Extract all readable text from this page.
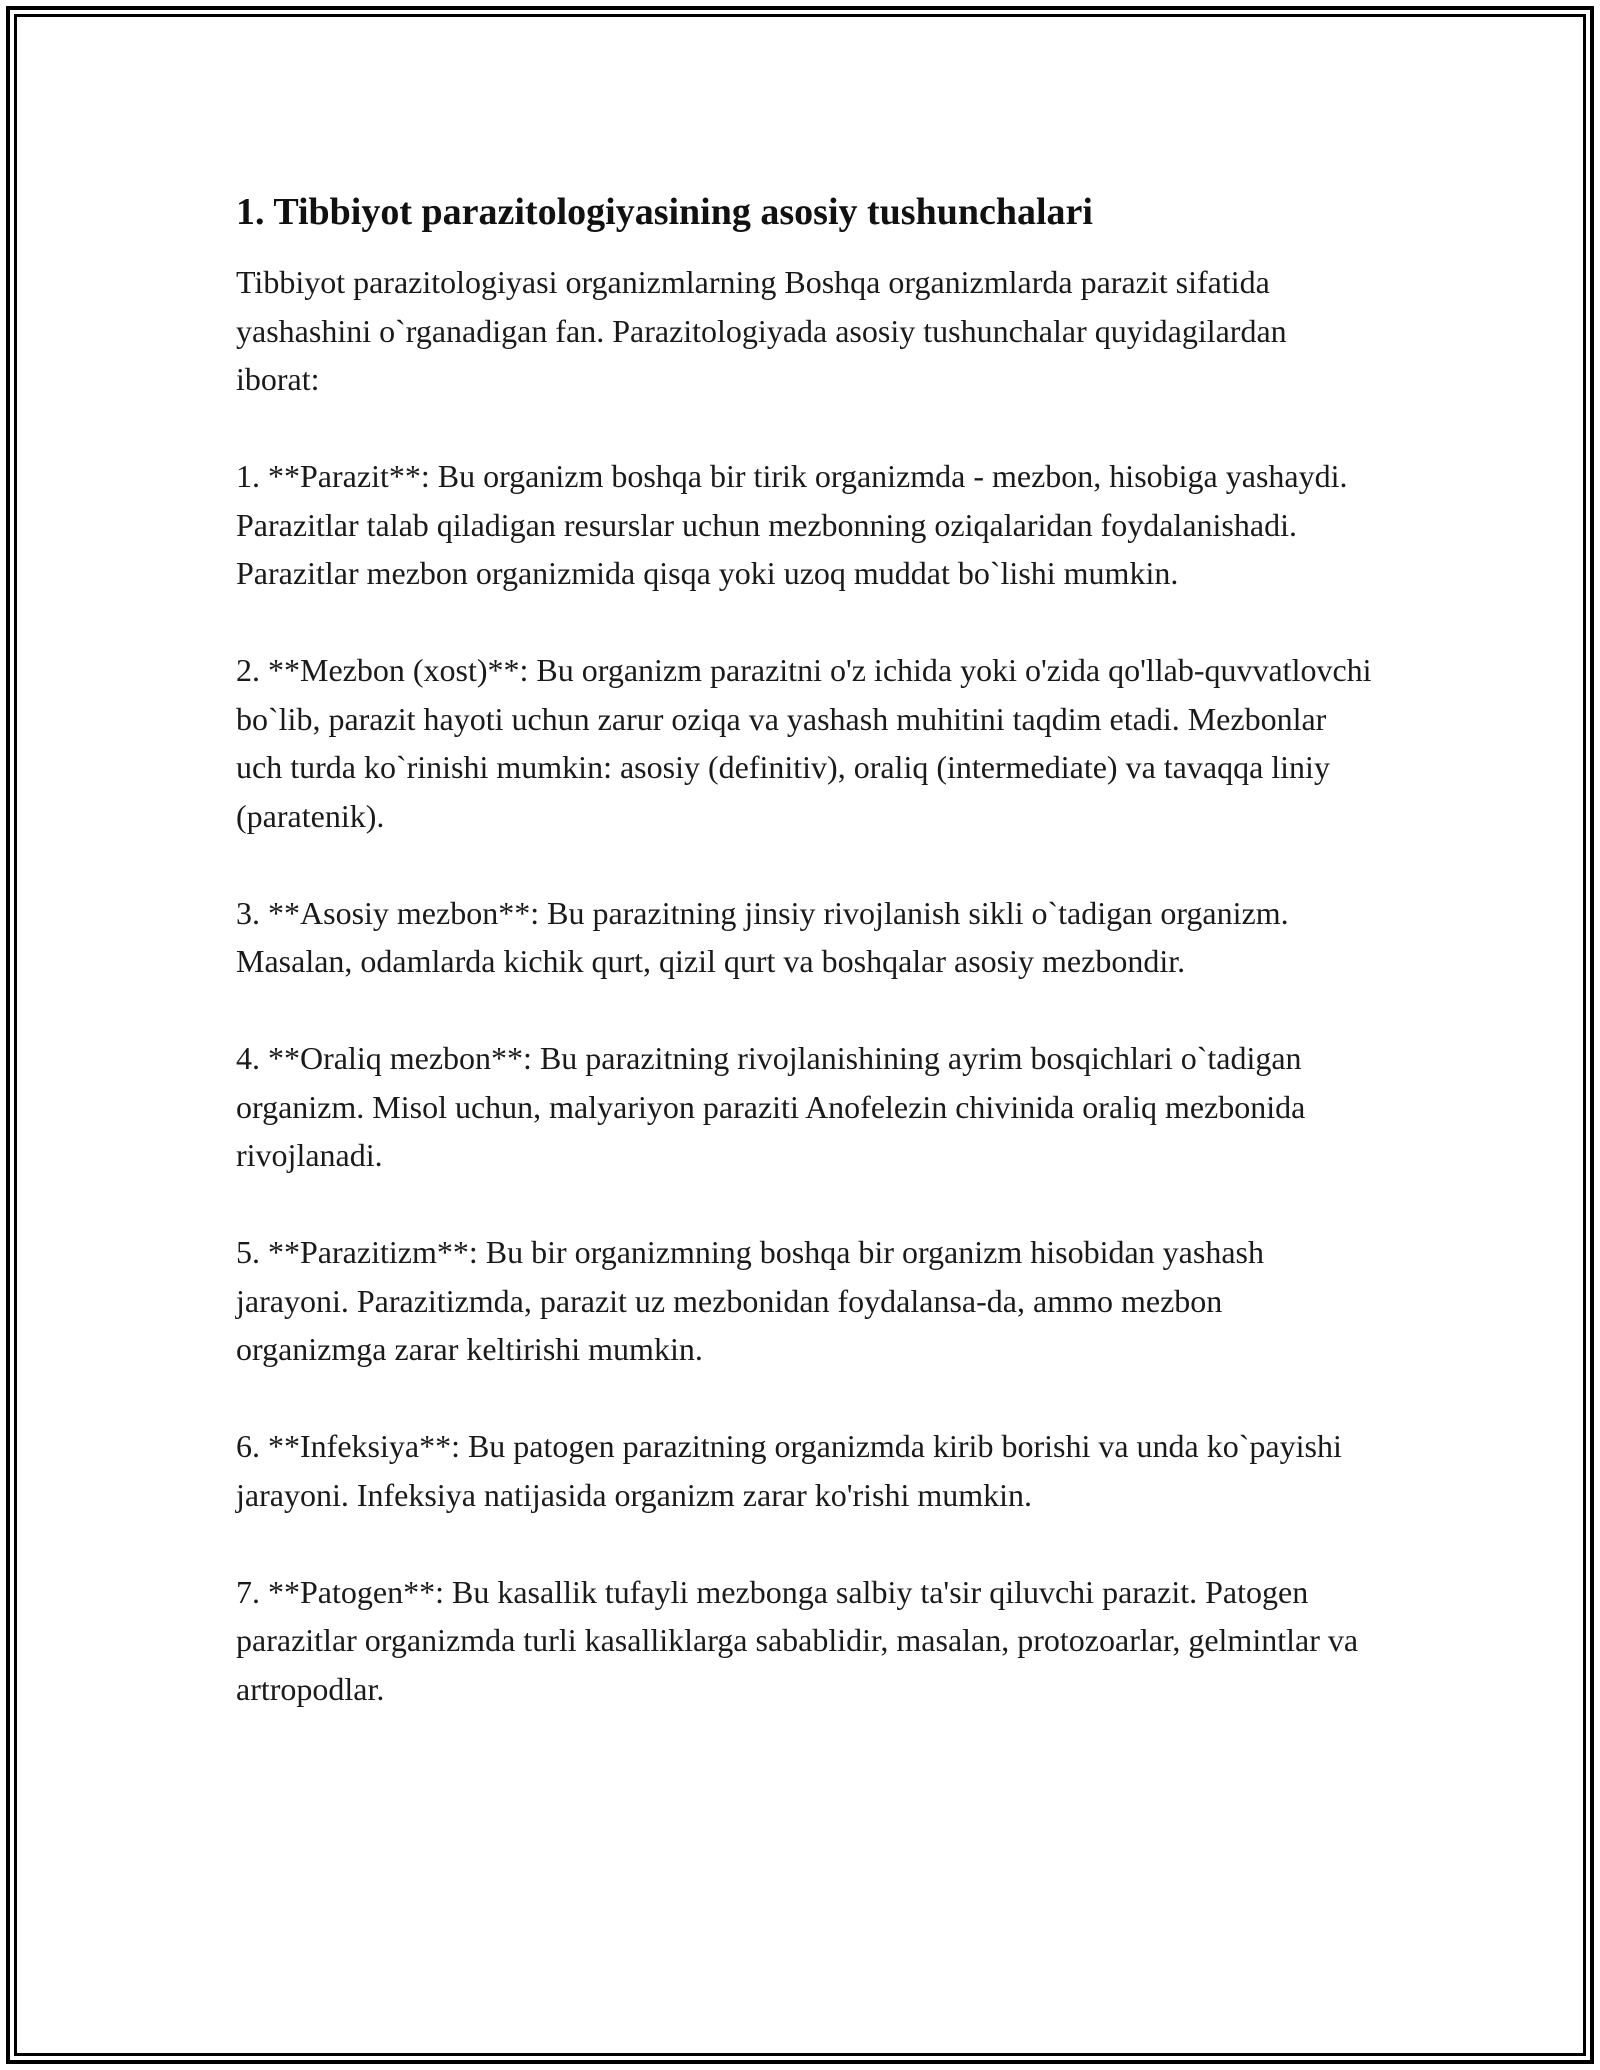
1. Tibbiyot parazitologiyasining asosiy tushunchalari

Tibbiyot parazitologiyasi organizmlarning Boshqa organizmlarda parazit sifatida yashashini o`rganadigan fan. Parazitologiyada asosiy tushunchalar quyidagilardan iborat:

1. **Parazit**: Bu organizm boshqa bir tirik organizmda - mezbon, hisobiga yashaydi. Parazitlar talab qiladigan resurslar uchun mezbonning oziqalaridan foydalanishadi. Parazitlar mezbon organizmida qisqa yoki uzoq muddat bo`lishi mumkin.

2. **Mezbon (xost)**: Bu organizm parazitni o'z ichida yoki o'zida qo'llab-quvvatlovchi bo`lib, parazit hayoti uchun zarur oziqa va yashash muhitini taqdim etadi. Mezbonlar uch turda ko`rinishi mumkin: asosiy (definitiv), oraliq (intermediate) va tavaqqa liniy (paratenik).

3. **Asosiy mezbon**: Bu parazitning jinsiy rivojlanish sikli o`tadigan organizm. Masalan, odamlarda kichik qurt, qizil qurt va boshqalar asosiy mezbondir.

4. **Oraliq mezbon**: Bu parazitning rivojlanishining ayrim bosqichlari o`tadigan organizm. Misol uchun, malyariyon paraziti Anofelezin chivinida oraliq mezbonida rivojlanadi.

5. **Parazitizm**: Bu bir organizmning boshqa bir organizm hisobidan yashash jarayoni. Parazitizmda, parazit uz mezbonidan foydalansa-da, ammo mezbon organizmga zarar keltirishi mumkin.

6. **Infeksiya**: Bu patogen parazitning organizmda kirib borishi va unda ko`payishi jarayoni. Infeksiya natijasida organizm zarar ko'rishi mumkin.

7. **Patogen**: Bu kasallik tufayli mezbonga salbiy ta'sir qiluvchi parazit. Patogen parazitlar organizmda turli kasalliklarga sabablidir, masalan, protozoarlar, gelmintlar va artropodlar.
